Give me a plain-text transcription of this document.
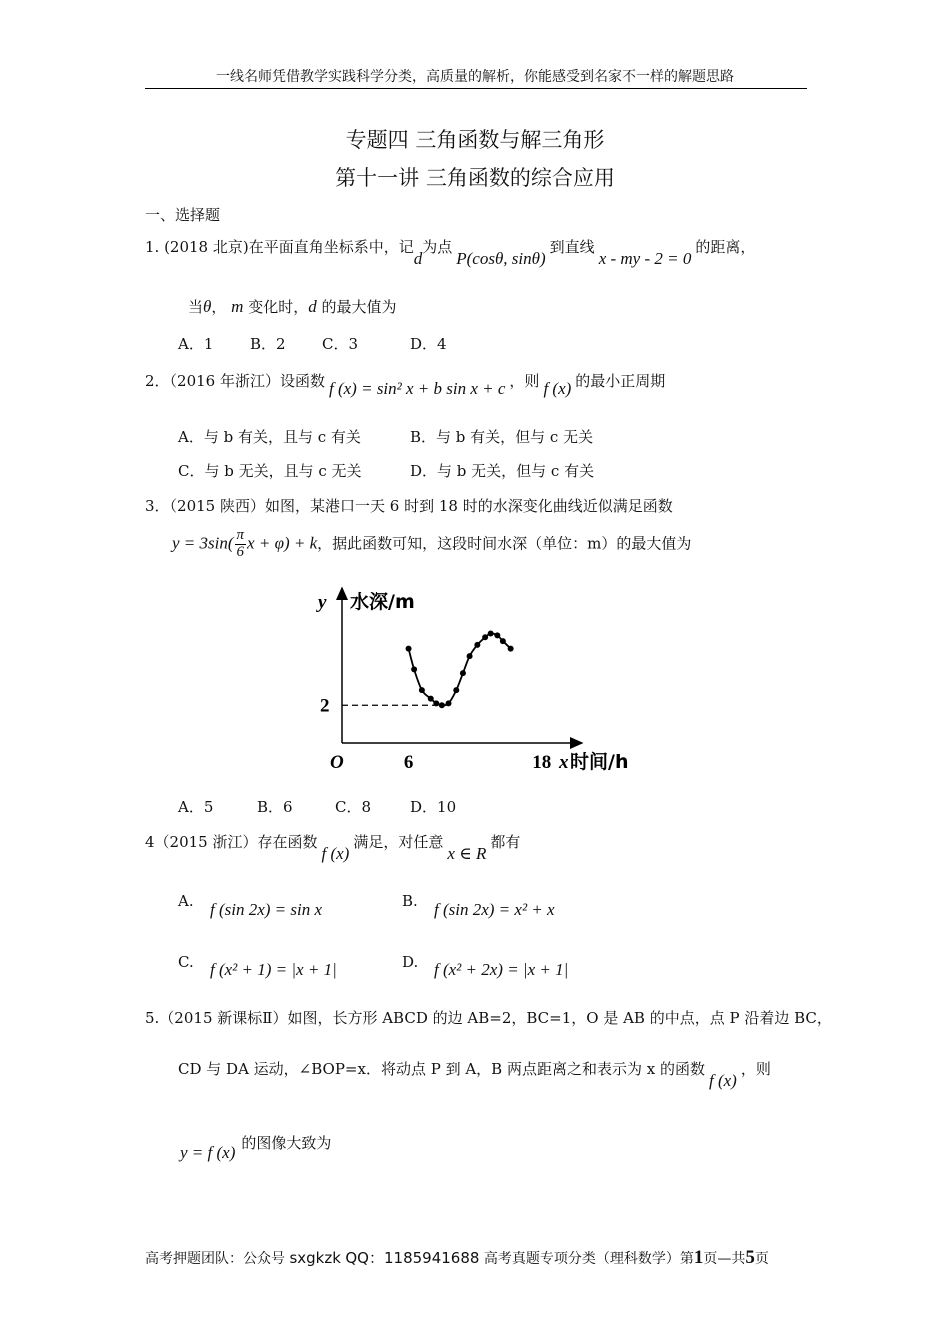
一线名师凭借教学实践科学分类，高质量的解析，你能感受到名家不一样的解题思路
专题四 三角函数与解三角形
第十一讲 三角函数的综合应用
一、选择题
1. (2018 北京)在平面直角坐标系中，记d为点P(cosθ, sinθ)到直线x - my - 2 = 0的距离，
当θ， m 变化时，d 的最大值为
A．1 B．2 C．3	D．4
2．（2016 年浙江）设函数 f (x) = sin² x + b sin x + c ，则 f (x) 的最小正周期
A．与 b 有关，且与 c 有关	B．与 b 有关，但与 c 无关
C．与 b 无关，且与 c 无关	D．与 b 无关，但与 c 有关
3．（2015 陕西）如图，某港口一天 6 时到 18 时的水深变化曲线近似满足函数
$y = 3\sin( \frac{\pi}{6}$ x + φ) + k，据此函数可知，这段时间水深（单位：m）的最大值为
y 水深/m
O	6	18
2
x 时间/h
A．5	B．6	C．8	D．10
4（2015 浙江）存在函数f (x)满足，对任意x ∈ R都有
A. f (sin 2x) = sin x	B. f (sin 2x) = x² + x
C. f (x² + 1) = |x + 1|	D. f (x² + 2x) = |x + 1|
5.（2015 新课标Ⅱ）如图，长方形 ABCD 的边 AB=2，BC=1，O 是 AB 的中点，点 P 沿着边 BC，
CD 与 DA 运动，∠BOP=x．将动点 P 到 A，B 两点距离之和表示为 x 的函数f (x)，则
y = f (x) 的图像大致为
高考押题团队：公众号 sxgkzk QQ：1185941688 高考真题专项分类（理科数学）第1页—共5页
